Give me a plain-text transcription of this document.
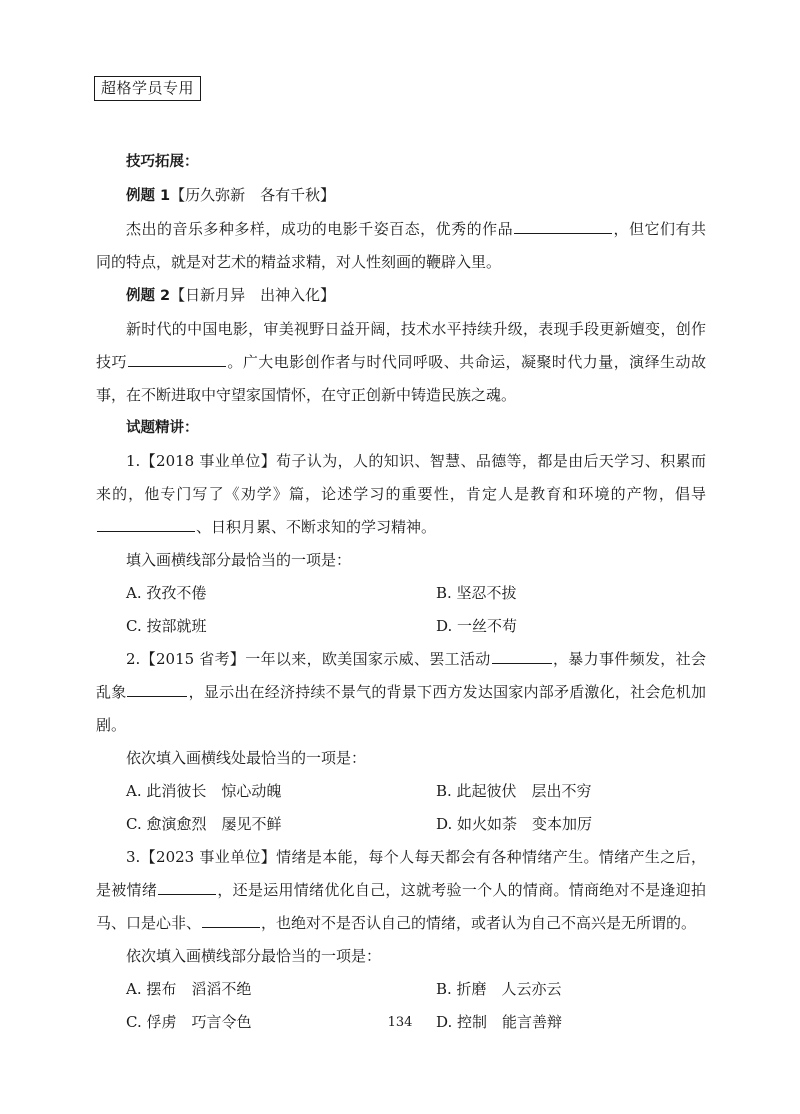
超格学员专用
技巧拓展：
例题 1【历久弥新　各有千秋】
杰出的音乐多种多样，成功的电影千姿百态，优秀的作品	，但它们有共同的特点，就是对艺术的精益求精，对人性刻画的鞭辟入里。
例题 2【日新月异　出神入化】
新时代的中国电影，审美视野日益开阔，技术水平持续升级，表现手段更新嬗变，创作技巧	。广大电影创作者与时代同呼吸、共命运，凝聚时代力量，演绎生动故事，在不断进取中守望家国情怀，在守正创新中铸造民族之魂。
试题精讲：
1.【2018 事业单位】荀子认为，人的知识、智慧、品德等，都是由后天学习、积累而来的，他专门写了《劝学》篇，论述学习的重要性，肯定人是教育和环境的产物，倡导、日积月累、不断求知的学习精神。
填入画横线部分最恰当的一项是：
A. 孜孜不倦	B. 坚忍不拔
C. 按部就班	D. 一丝不苟
2.【2015 省考】一年以来，欧美国家示威、罢工活动	，暴力事件频发，社会乱象	，显示出在经济持续不景气的背景下西方发达国家内部矛盾激化，社会危机加剧。
依次填入画横线处最恰当的一项是：
A. 此消彼长　惊心动魄	B. 此起彼伏　层出不穷
C. 愈演愈烈　屡见不鲜	D. 如火如荼　变本加厉
3.【2023 事业单位】情绪是本能，每个人每天都会有各种情绪产生。情绪产生之后，是被情绪	，还是运用情绪优化自己，这就考验一个人的情商。情商绝对不是逢迎拍马、口是心非、	，也绝对不是否认自己的情绪，或者认为自己不高兴是无所谓的。
依次填入画横线部分最恰当的一项是：
A. 摆布　滔滔不绝	B. 折磨　人云亦云
C. 俘虏　巧言令色	D. 控制　能言善辩
134
